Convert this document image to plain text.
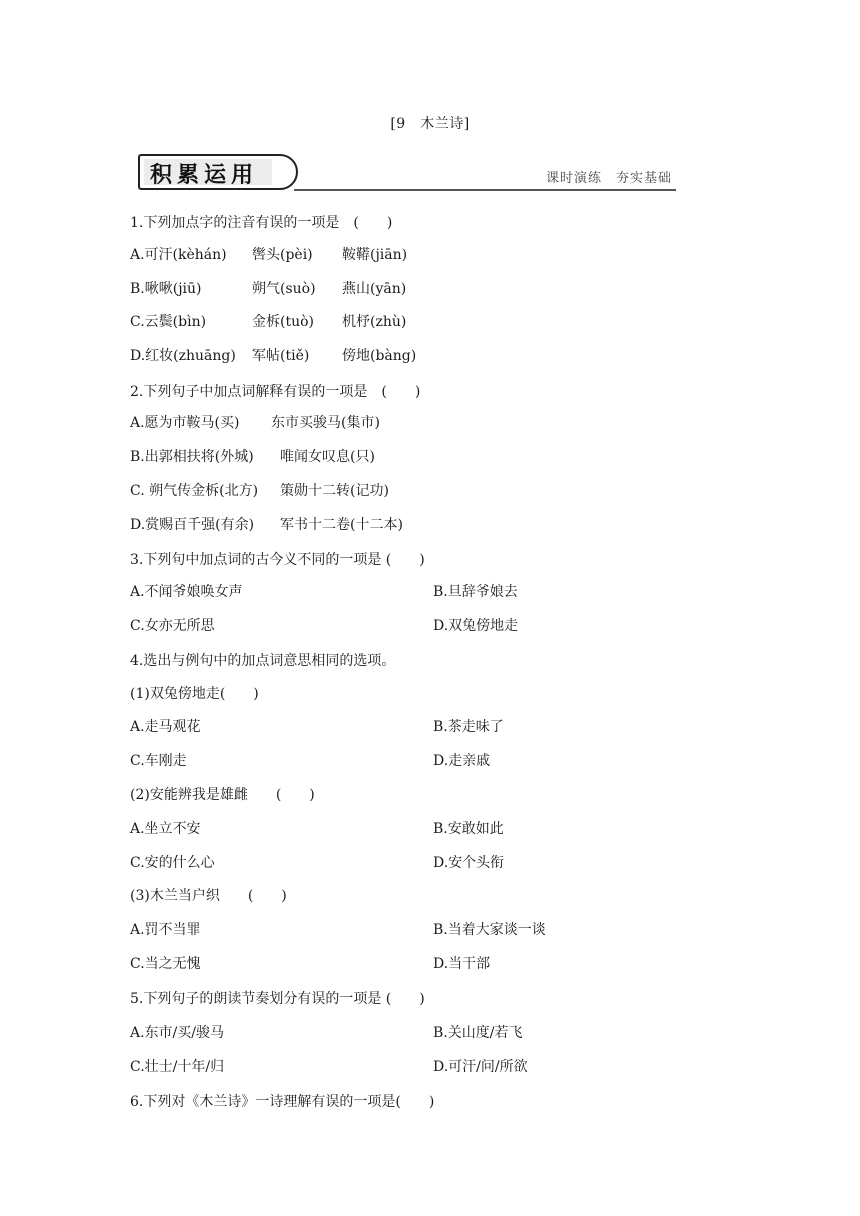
[9　木兰诗]
积累运用	课时演练　夯实基础
1.下列加点字的注音有误的一项是　(　　)
A.可汗(kèhán) 辔头(pèi) 鞍鞯(jiān)
B.啾啾(jiū)	朔气(suò) 燕山(yān)
C.云鬓(bìn)	金柝(tuò) 机杼(zhù)
D.红妆(zhuāng) 军帖(tiě) 傍地(bàng)
2.下列句子中加点词解释有误的一项是　(　　)
A.愿为市鞍马(买) 东市买骏马(集市)
B.出郭相扶将(外城) 唯闻女叹息(只)
C. 朔气传金柝(北方) 策勋十二转(记功)
D.赏赐百千强(有余) 军书十二卷(十二本)
3.下列句中加点词的古今义不同的一项是 (　　)
A.不闻爷娘唤女声	B.旦辞爷娘去
C.女亦无所思	D.双兔傍地走
4.选出与例句中的加点词意思相同的选项。
(1)双兔傍地走(　　)
A.走马观花	B.茶走味了
C.车刚走	D.走亲戚
(2)安能辨我是雄雌　　(　　)
A.坐立不安	B.安敢如此
C.安的什么心	D.安个头衔
(3)木兰当户织　　(　　)
A.罚不当罪	B.当着大家谈一谈
C.当之无愧	D.当干部
5.下列句子的朗读节奏划分有误的一项是 (　　)
A.东市/买/骏马	B.关山度/若飞
C.壮士/十年/归	D.可汗/问/所欲
6.下列对《木兰诗》一诗理解有误的一项是(　　)
